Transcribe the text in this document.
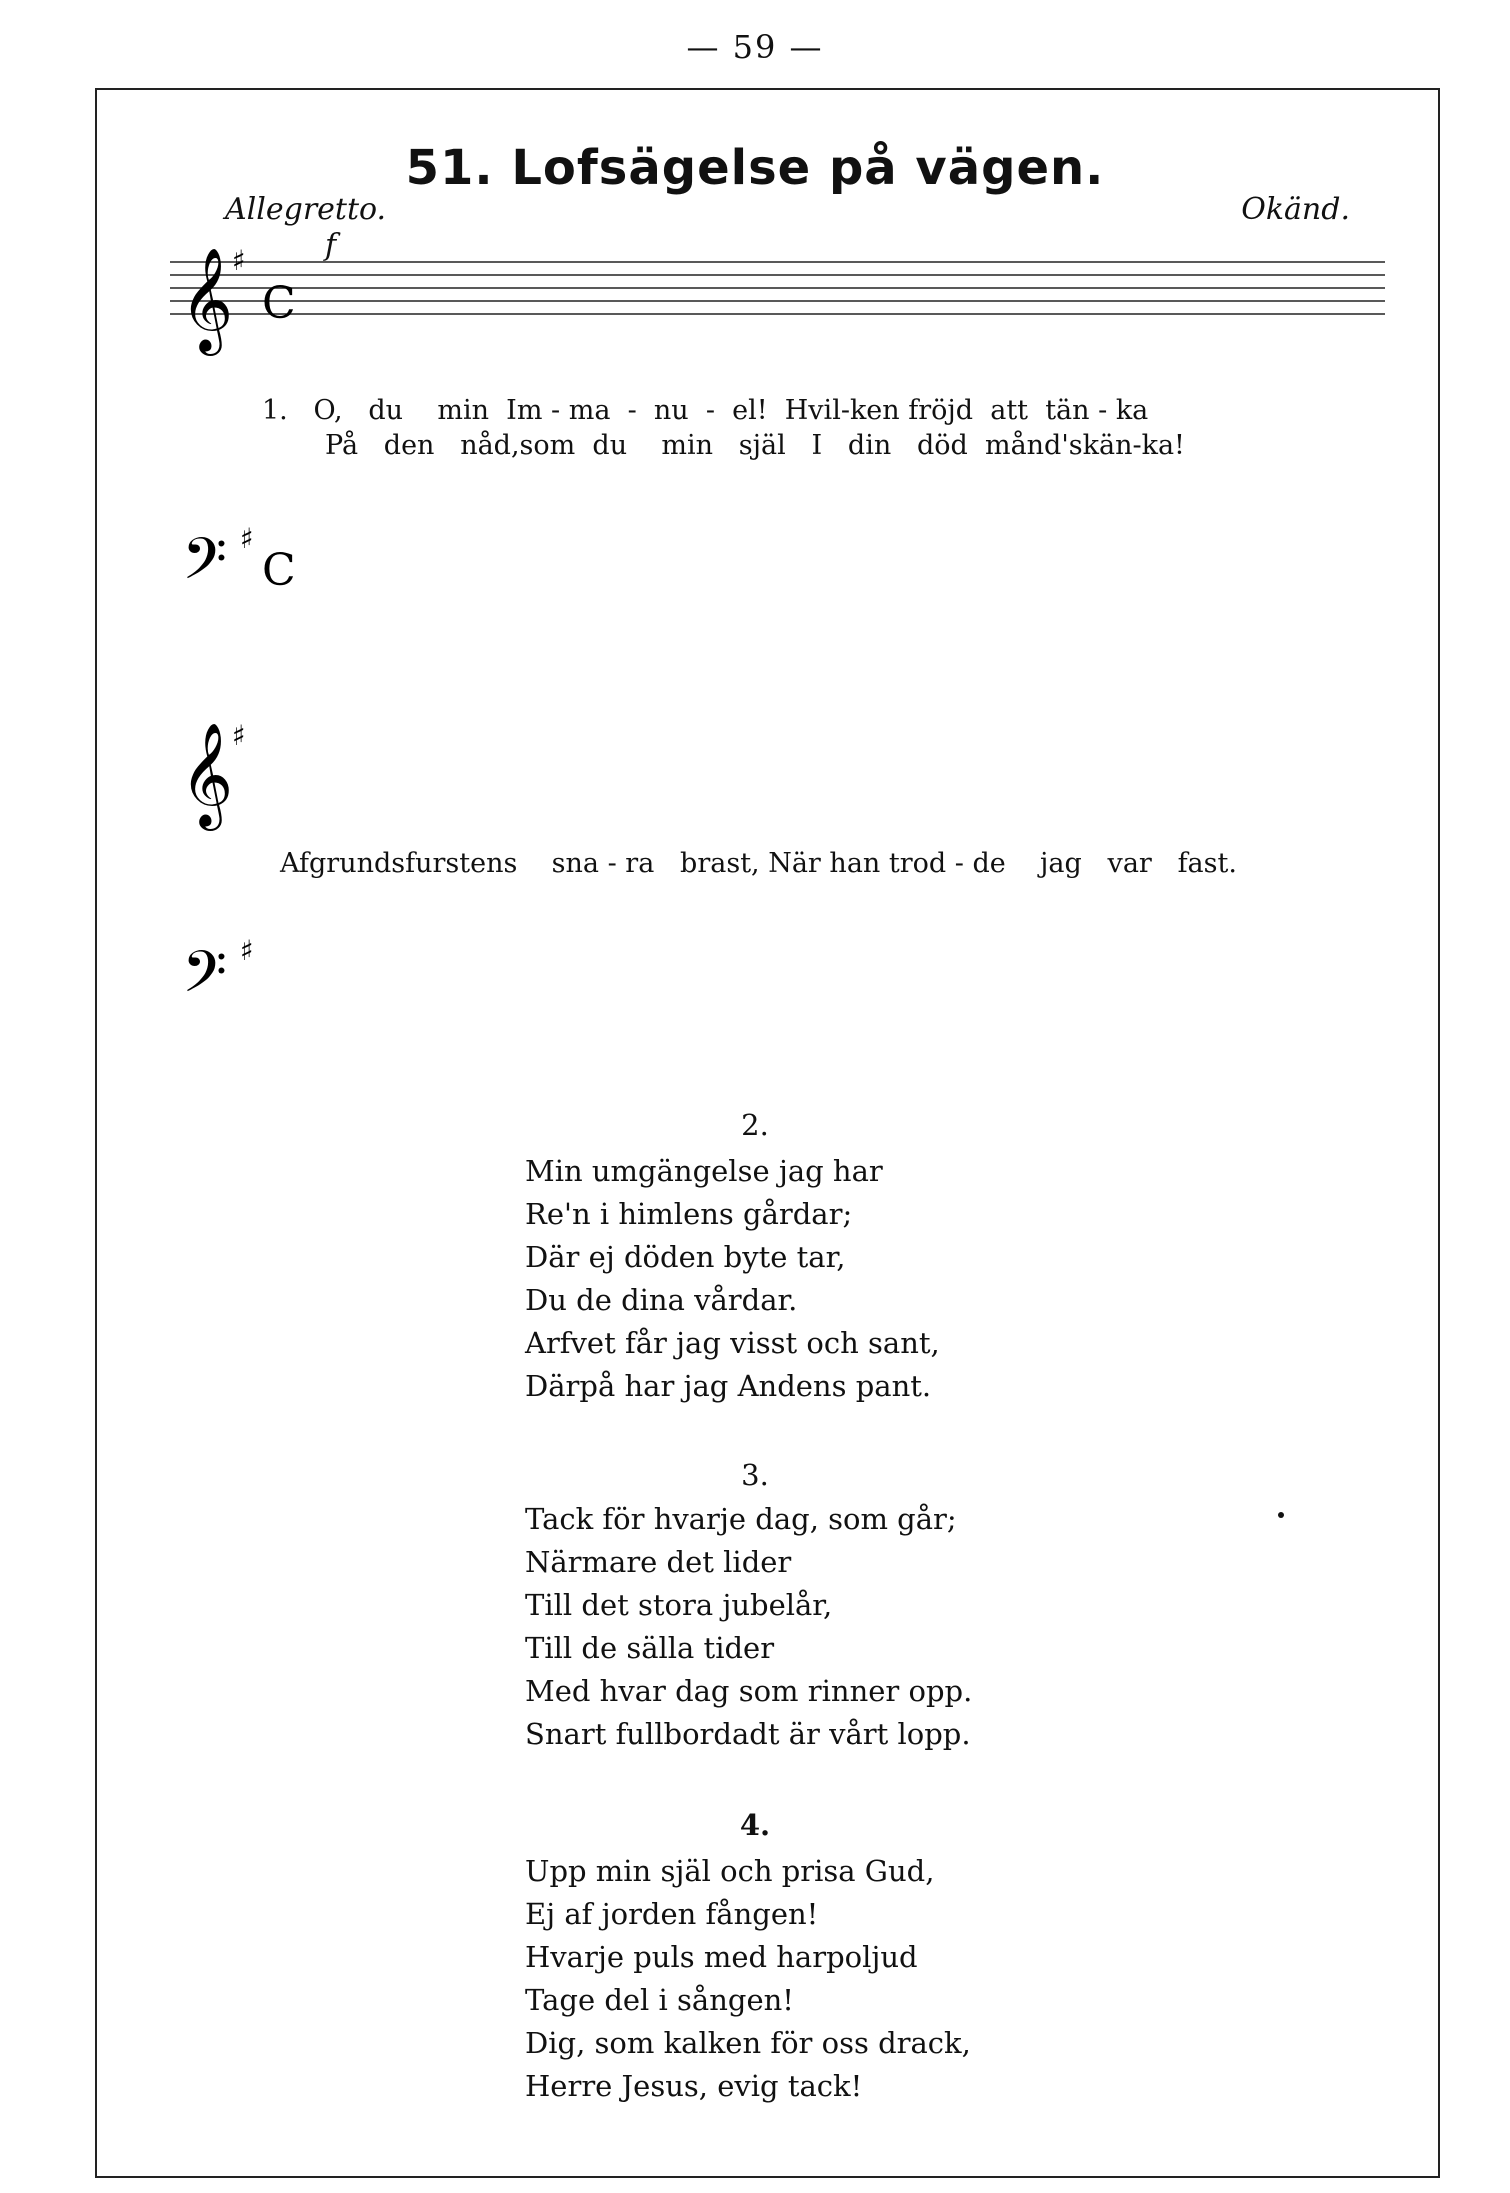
— 59 —
51. Lofsägelse på vägen.
Allegretto.	Okänd.
f
𝄞
𝄢
C
C
♯
♯
𝄞
𝄢
♯
♯
1.   O,   du    min  Im - ma  -  nu  -  el!  Hvil-ken fröjd  att  tän - ka
På   den   nåd,som  du    min   själ   I   din   död  månd'skän-ka!
Afgrundsfurstens    sna - ra   brast, När han trod - de    jag   var   fast.
2.
Min umgängelse jag har
Re'n i himlens gårdar;
Där ej döden byte tar,
Du de dina vårdar.
Arfvet får jag visst och sant,
Därpå har jag Andens pant.
3.
Tack för hvarje dag, som går;
Närmare det lider
Till det stora jubelår,
Till de sälla tider
Med hvar dag som rinner opp.
Snart fullbordadt är vårt lopp.
4.
Upp min själ och prisa Gud,
Ej af jorden fången!
Hvarje puls med harpoljud
Tage del i sången!
Dig, som kalken för oss drack,
Herre Jesus, evig tack!
